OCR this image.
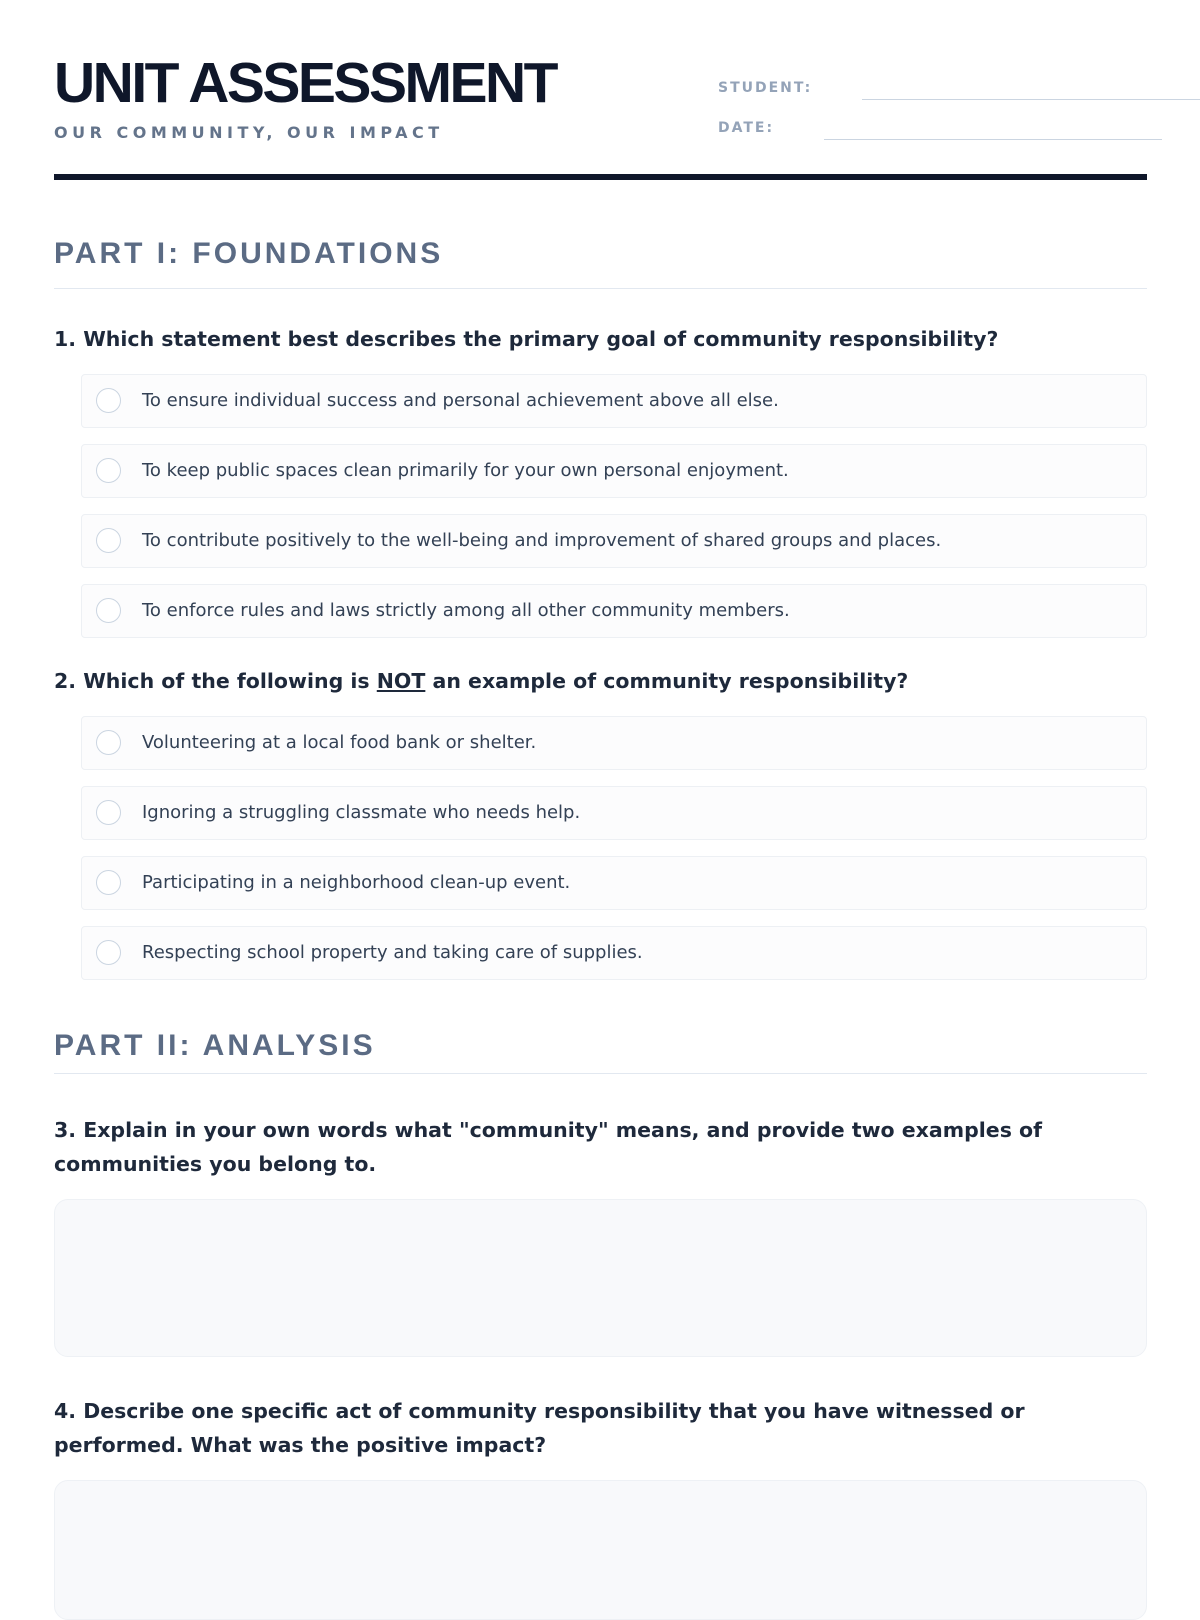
UNIT ASSESSMENT
OUR COMMUNITY, OUR IMPACT
STUDENT:
DATE:
PART I: FOUNDATIONS

1. Which statement best describes the primary goal of community responsibility?

To ensure individual success and personal achievement above all else.
To keep public spaces clean primarily for your own personal enjoyment.
To contribute positively to the well-being and improvement of shared groups and places.
To enforce rules and laws strictly among all other community members.

2. Which of the following is NOT an example of community responsibility?

Volunteering at a local food bank or shelter.
Ignoring a struggling classmate who needs help.
Participating in a neighborhood clean-up event.
Respecting school property and taking care of supplies.
PART II: ANALYSIS

3. Explain in your own words what "community" means, and provide two examples of communities you belong to.

4. Describe one specific act of community responsibility that you have witnessed or performed. What was the positive impact?
